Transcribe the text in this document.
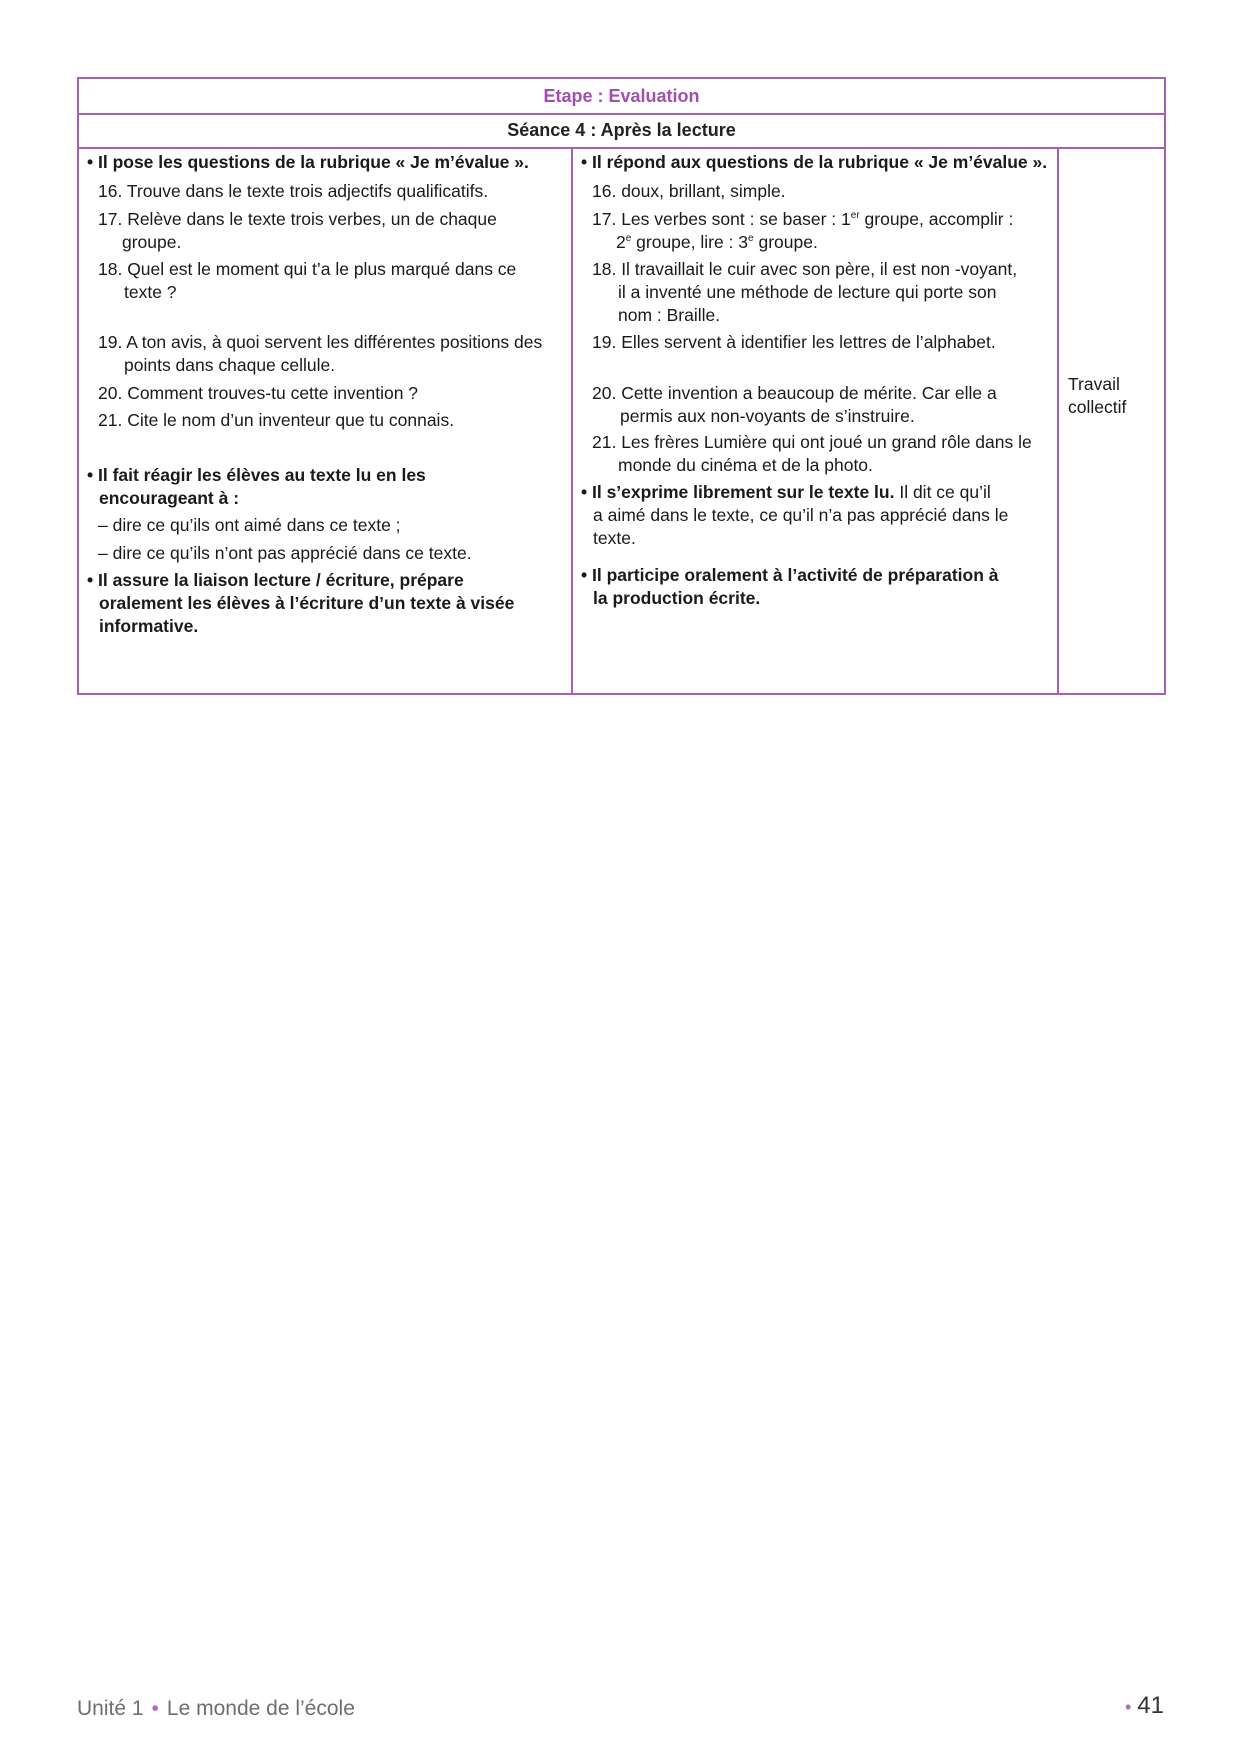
Etape : Evaluation
Séance 4 : Après la lecture
• Il pose les questions de la rubrique « Je m’évalue ».
16. Trouve dans le texte trois adjectifs qualificatifs.
17. Relève dans le texte trois verbes, un de chaque
groupe.
18. Quel est le moment qui t’a le plus marqué dans ce
texte ?
19. A ton avis, à quoi servent les différentes positions des
points dans chaque cellule.
20. Comment trouves-tu cette invention ?
21. Cite le nom d’un inventeur que tu connais.
• Il fait réagir les élèves au texte lu en les
encourageant à :
– dire ce qu’ils ont aimé dans ce texte ;
– dire ce qu’ils n’ont pas apprécié dans ce texte.
• Il assure la liaison lecture / écriture, prépare
oralement les élèves à l’écriture d’un texte à visée
informative.
• Il répond aux questions de la rubrique « Je m’évalue ».
16. doux, brillant, simple.
17. Les verbes sont : se baser : 1er groupe, accomplir :
2e groupe, lire : 3e groupe.
18. Il travaillait le cuir avec son père, il est non -voyant,
il a inventé une méthode de lecture qui porte son
nom : Braille.
19. Elles servent à identifier les lettres de l’alphabet.
20. Cette invention a beaucoup de mérite. Car elle a
permis aux non-voyants de s’instruire.
21. Les frères Lumière qui ont joué un grand rôle dans le
monde du cinéma et de la photo.
• Il s’exprime librement sur le texte lu. Il dit ce qu’il
a aimé dans le texte, ce qu’il n’a pas apprécié dans le
texte.
• Il participe oralement à l’activité de préparation à
la production écrite.
Travail
collectif
Unité 1 • Le monde de l’école	• 41
